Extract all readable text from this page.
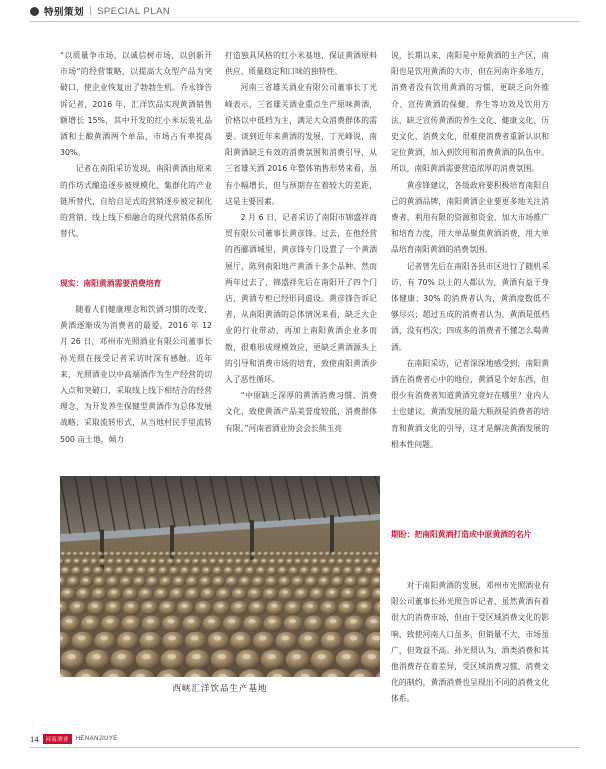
特别策划 | SPECIAL PLAN

“以质量争市场，以诚信树市场，以创新开市场”的经营策略，以提高大众型产品为突破口，使企业恢复出了勃勃生机。乔永锋告诉记者，2016 年，汇洋饮品实现黄酒销售额增长 15%，其中开发的红小米坛装礼品酒和土酿黄酒两个单品，市场占有率提高 30%。

记者在南阳采访发现，南阳黄酒由原来的作坊式酿造逐步被规模化、集群化的产业链所替代，自给自足式的营销逐步被定制化的营销、线上线下相融合的现代营销体系所替代。

现实：南阳黄酒需要消费培育

随着人们健康理念和饮酒习惯的改变，黄酒逐渐成为消费者的最爱。2016 年 12 月 26 日，邓州市光照酒业有限公司董事长孙光照在接受记者采访时深有感触。近年来，光照酒业以中高端酒作为生产经营的切入点和突破口，采取线上线下相结合的经营理念，为开发养生保健型黄酒作为总体发展战略；采取流转形式，从当地村民手里流转 500 亩土地，倾力

打造独具风格的红小米基地，保证黄酒原料供应、质量稳定和口味的独特性。

河南三省雄关酒业有限公司董事长丁光峰表示，三省雄关酒业重点生产原味黄酒，价格以中低档为主，满足大众消费群体的需要。谈到近年来黄酒的发展，丁光峰说，南阳黄酒缺乏有效的消费氛围和消费引导，从三省雄关酒 2016 年整体销售形势来看，虽有小幅增长，但与预期存在着较大的差距，这是主要因素。

2 月 6 日，记者采访了南阳市锦盛祥商贸有限公司董事长黄彦锋。过去，在他经营的西郦酒城里，黄彦锋专门设置了一个黄酒展厅，陈列南阳地产黄酒十多个品种。然而两年过去了，锦盛祥先后在南阳开了四个门店，黄酒专柜已经形同虚设。黄彦锋告诉记者，从南阳黄酒的总体情况来看，缺乏大企业的行业带动，再加上南阳黄酒企业多而散，很难形成规模效应，更缺乏黄酒源头上的引导和消费市场的培育，致使南阳黄酒步入了恶性循环。

“中原缺乏深厚的黄酒消费习惯、消费文化，致使黄酒产品美誉度较低，消费群体有限。”河南省酒业协会会长熊玉亮

说，长期以来，南阳是中原黄酒的主产区，南阳也是饮用黄酒的大市，但在河南许多地方，消费者没有饮用黄酒的习惯，更缺乏向外推介、宣传黄酒的保健、养生等功效及饮用方法，缺乏宣传黄酒的养生文化、健康文化、历史文化、消费文化，很难使消费者重新认识和定位黄酒，加入到饮用和消费黄酒的队伍中。所以，南阳黄酒需要营造浓厚的消费氛围。

黄彦锋建议，各级政府要积极培育南阳自己的黄酒品牌，南阳黄酒企业要更多地关注消费者，利用有限的资源和资金，加大市场推广和培育力度，用大单品聚焦黄酒消费，用大单品培育南阳黄酒的消费氛围。

记者曾先后在南阳各县市区进行了随机采访，有 70% 以上的人都认为，黄酒有益于身体健康；30% 的消费者认为，黄酒度数低不够尽兴；超过五成的消费者认为，黄酒是低档酒，没有档次；四成多的消费者不懂怎么喝黄酒。

在南阳采访，记者深深地感受到，南阳黄酒在消费者心中的地位，黄酒是个好东西，但很少有消费者知道黄酒究竟好在哪里？业内人士也建议，黄酒发展的最大瓶颈是消费者的培育和黄酒文化的引导，这才是解决黄酒发展的根本性问题。

期盼：把南阳黄酒打造成中原黄酒的名片

对于南阳黄酒的发展，邓州市光照酒业有限公司董事长孙光照告诉记者，虽然黄酒有着很大的消费市场，但由于受区域消费文化的影响，致使河南人口虽多，但销量不大，市场虽广，但效益不高。孙光照认为，酒类消费和其他消费存在着差异，受区域消费习惯、消费文化的制约，黄酒消费也呈现出不同的消费文化体系。

西峡汇洋饮品生产基地
14	河南酒业	HENANJIUYE
